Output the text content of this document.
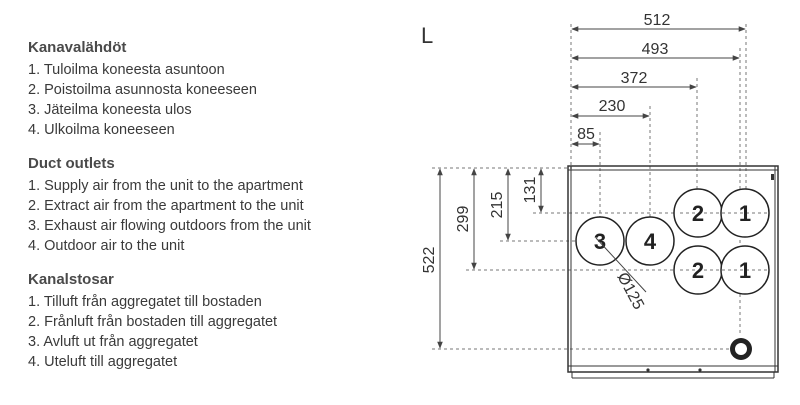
Kanavalähdöt
1. Tuloilma koneesta asuntoon
2. Poistoilma asunnosta koneeseen
3. Jäteilma koneesta ulos
4. Ulkoilma koneeseen
Duct outlets
1. Supply air from the unit to the apartment
2. Extract air from the apartment to the unit
3. Exhaust air flowing outdoors from the unit
4. Outdoor air to the unit
Kanalstosar
1. Tilluft från aggregatet till bostaden
2. Frånluft från bostaden till aggregatet
3. Avluft ut från aggregatet
4. Uteluft till aggregatet
L
512
493
372
230
85
522
299
215
131
2 1
2 1
3 4
Ø125
